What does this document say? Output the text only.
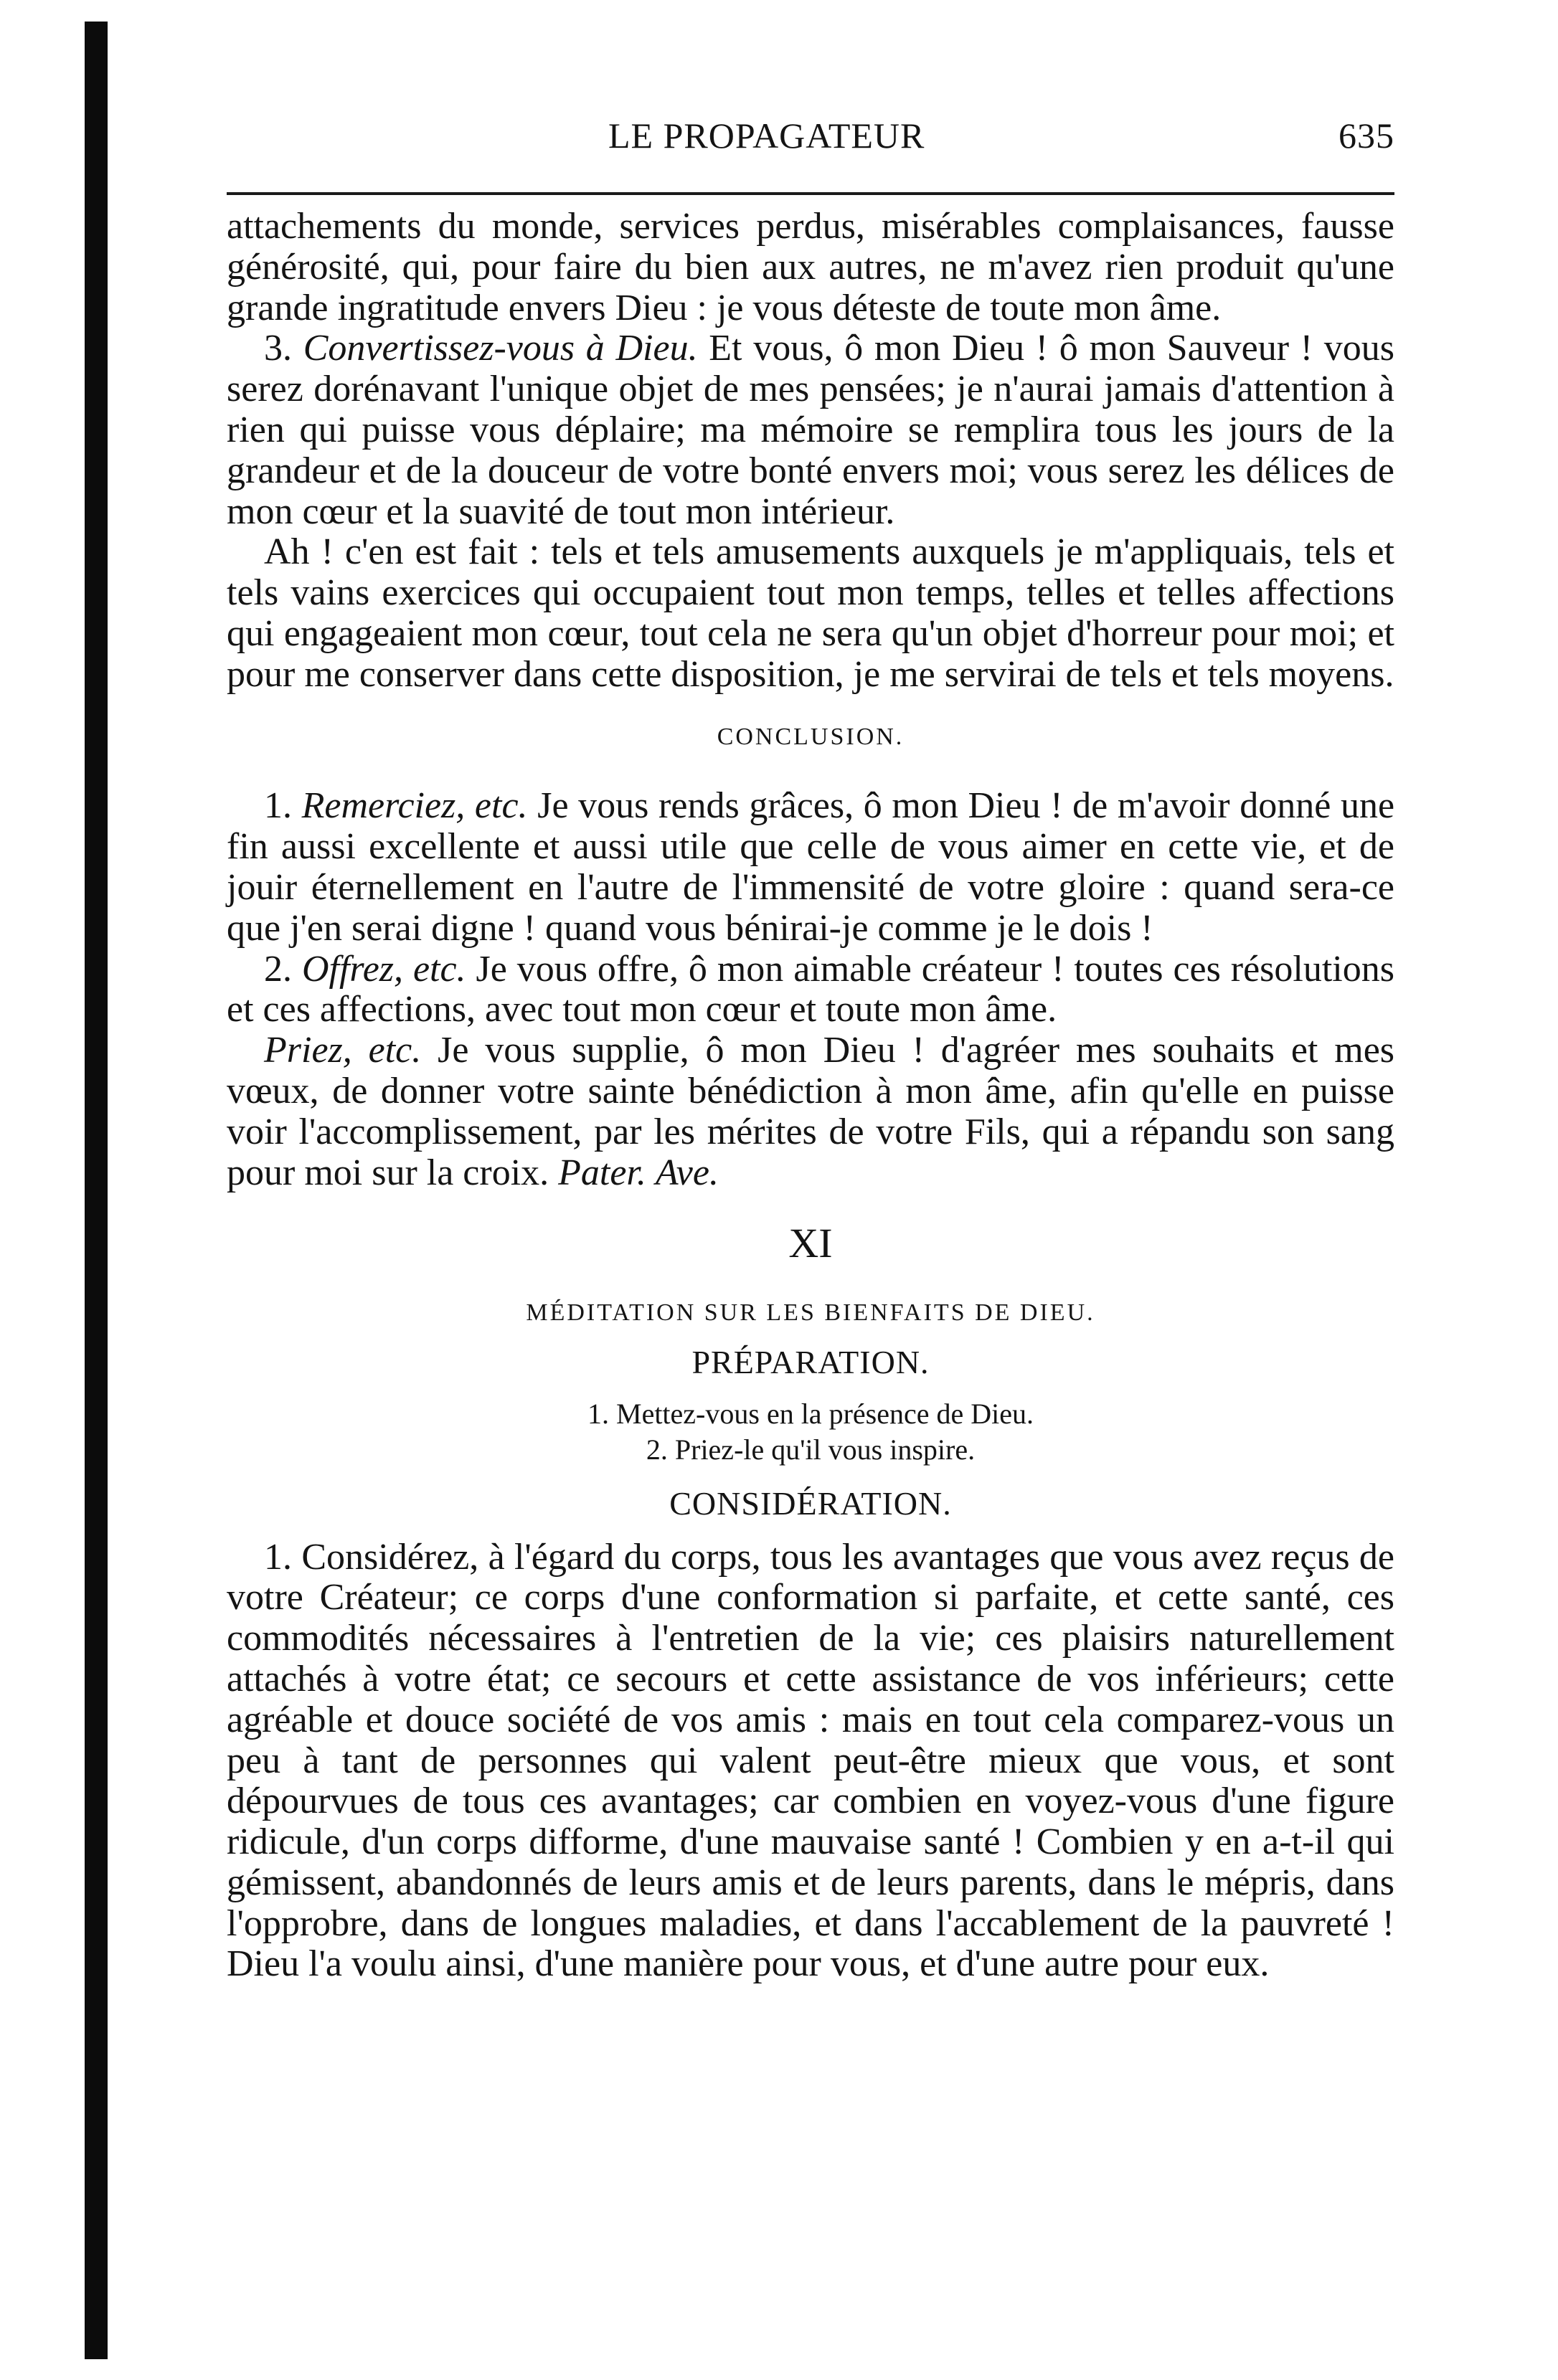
LE PROPAGATEUR	635

attachements du monde, services perdus, misérables complaisances, fausse générosité, qui, pour faire du bien aux autres, ne m'avez rien produit qu'une grande ingratitude envers Dieu : je vous déteste de toute mon âme.

3. Convertissez-vous à Dieu. Et vous, ô mon Dieu ! ô mon Sauveur ! vous serez dorénavant l'unique objet de mes pensées; je n'aurai jamais d'attention à rien qui puisse vous déplaire; ma mémoire se remplira tous les jours de la grandeur et de la douceur de votre bonté envers moi; vous serez les délices de mon cœur et la suavité de tout mon intérieur.

Ah ! c'en est fait : tels et tels amusements auxquels je m'appliquais, tels et tels vains exercices qui occupaient tout mon temps, telles et telles affections qui engageaient mon cœur, tout cela ne sera qu'un objet d'horreur pour moi; et pour me conserver dans cette disposition, je me servirai de tels et tels moyens.

CONCLUSION.

1. Remerciez, etc. Je vous rends grâces, ô mon Dieu ! de m'avoir donné une fin aussi excellente et aussi utile que celle de vous aimer en cette vie, et de jouir éternellement en l'autre de l'immensité de votre gloire : quand sera-ce que j'en serai digne ! quand vous bénirai-je comme je le dois !

2. Offrez, etc. Je vous offre, ô mon aimable créateur ! toutes ces résolutions et ces affections, avec tout mon cœur et toute mon âme.

Priez, etc. Je vous supplie, ô mon Dieu ! d'agréer mes souhaits et mes vœux, de donner votre sainte bénédiction à mon âme, afin qu'elle en puisse voir l'accomplissement, par les mérites de votre Fils, qui a répandu son sang pour moi sur la croix. Pater. Ave.

XI
MÉDITATION SUR LES BIENFAITS DE DIEU.
PRÉPARATION.
1. Mettez-vous en la présence de Dieu.
2. Priez-le qu'il vous inspire.
CONSIDÉRATION.

1. Considérez, à l'égard du corps, tous les avantages que vous avez reçus de votre Créateur; ce corps d'une conformation si parfaite, et cette santé, ces commodités nécessaires à l'entretien de la vie; ces plaisirs naturellement attachés à votre état; ce secours et cette assistance de vos inférieurs; cette agréable et douce société de vos amis : mais en tout cela comparez-vous un peu à tant de personnes qui valent peut-être mieux que vous, et sont dépourvues de tous ces avantages; car combien en voyez-vous d'une figure ridicule, d'un corps difforme, d'une mauvaise santé ! Combien y en a-t-il qui gémissent, abandonnés de leurs amis et de leurs parents, dans le mépris, dans l'opprobre, dans de longues maladies, et dans l'accablement de la pauvreté ! Dieu l'a voulu ainsi, d'une manière pour vous, et d'une autre pour eux.
